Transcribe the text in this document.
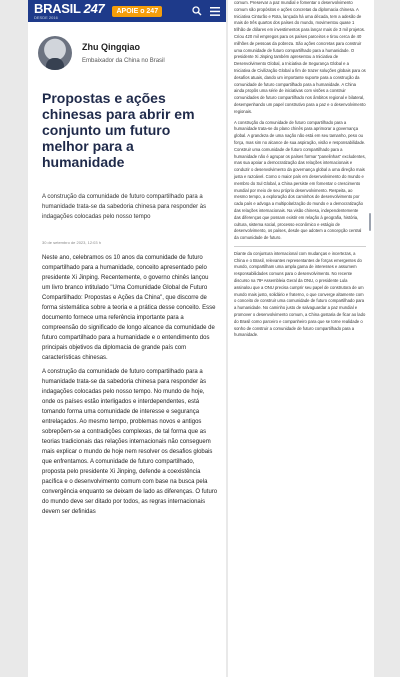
BRASIL 247
DESDE 2016
APOIE o 247
Zhu Qingqiao
Embaixador da China no Brasil
Propostas e ações chinesas para abrir em conjunto um futuro melhor para a humanidade
A construção da comunidade de futuro compartilhado para a humanidade trata-se da sabedoria chinesa para responder às indagações colocadas pelo nosso tempo
30 de setembro de 2023, 12:03 h

Neste ano, celebramos os 10 anos da comunidade de futuro compartilhado para a humanidade, conceito apresentado pelo presidente Xi Jinping. Recentemente, o governo chinês lançou um livro branco intitulado "Uma Comunidade Global de Futuro Compartilhado: Propostas e Ações da China", que discorre de forma sistemática sobre a teoria e a prática desse conceito. Esse documento fornece uma referência importante para a compreensão do significado de longo alcance da comunidade de futuro compartilhado para a humanidade e o entendimento dos principais objetivos da diplomacia de grande país com características chinesas.

A construção da comunidade de futuro compartilhado para a humanidade trata-se da sabedoria chinesa para responder às indagações colocadas pelo nosso tempo. No mundo de hoje, onde os países estão interligados e interdependentes, está tomando forma uma comunidade de interesse e segurança entrelaçados. Ao mesmo tempo, problemas novos e antigos sobrepõem-se a contradições complexas, de tal forma que as teorias tradicionais das relações internacionais não conseguem mais explicar o mundo de hoje nem resolver os desafios globais que enfrentamos. A comunidade de futuro compartilhado, proposta pelo presidente Xi Jinping, defende a coexistência pacífica e o desenvolvimento comum com base na busca pela convergência enquanto se deixam de lado as diferenças. O futuro do mundo deve ser ditado por todos, as regras internacionais devem ser definidas

comum. Preservar a paz mundial e fomentar o desenvolvimento comum são propósitos e ações concretas da diplomacia chinesa. A Iniciativa Cinturão e Rota, lançada há uma década, tem a adesão de mais de três quartos dos países do mundo, movimentou quase 1 trilhão de dólares em investimentos para lançar mais de 3 mil projetos. Criou 420 mil empregos para os países parceiros e tirou cerca de 40 milhões de pessoas da pobreza. São ações concretas para construir uma comunidade de futuro compartilhado para a humanidade. O presidente Xi Jinping também apresentou a Iniciativa de Desenvolvimento Global, a Iniciativa de Segurança Global e a Iniciativa de Civilização Global a fim de trazer soluções globais para os desafios atuais, dando um importante suporte para a construção da comunidade de futuro compartilhado para a humanidade. A China ainda propôs uma série de iniciativas com visões a construir comunidades de futuro compartilhado nos âmbitos regional e bilateral, desempenhando um papel construtivo para a paz e o desenvolvimento regionais.

A construção da comunidade de futuro compartilhado para a humanidade trata-se do plano chinês para aprimorar a governança global. A grandeza de uma nação não está em seu tamanho, peso ou força, mas sim no alcance de sua aspiração, visão e responsabilidade. Construir uma comunidade de futuro compartilhado para a humanidade não é agrupar os países formar "panelinhas" excludentes, mas sua apoiar a democratização das relações internacionais e conduzir o desenvolvimento da governança global a uma direção mais justa e razoável. Como o maior país em desenvolvimento do mundo e membro do Sul Global, a China persiste em fomentar o crescimento mundial por meio de seu próprio desenvolvimento. Respeita, ao mesmo tempo, a exploração dos caminhos de desenvolvimento por cada país e advoga a multipolarização do mundo e a democratização das relações internacionais. Na visão chinesa, independentemente das diferenças que possam existir em relação à geografia, história, cultura, sistema social, processo econômico e estágio de desenvolvimento, os países, desde que adotem a concepção central da comunidade de futuro.

Diante da conjuntura internacional com mudanças e incertezas, a China e o Brasil, relevantes representantes de forças emergentes do mundo, compartilham uma ampla gama de interesses e assumem responsabilidades comuns para o desenvolvimento. No recente discurso na 78ª Assembleia Geral da ONU, o presidente Lula assinalou que a ONU precisa cumprir seu papel de construtora de um mundo mais justo, solidário e fraterno, o que converge altamente com o conceito de construir uma comunidade de futuro compartilhado para a humanidade. No caminho justo de salvaguardar a paz mundial e promover o desenvolvimento comum, a China gostaria de ficar ao lado do Brasil como parceiro e companheiro para que se torne realidade o sonho de construir a comunidade de futuro compartilhado para a humanidade.
